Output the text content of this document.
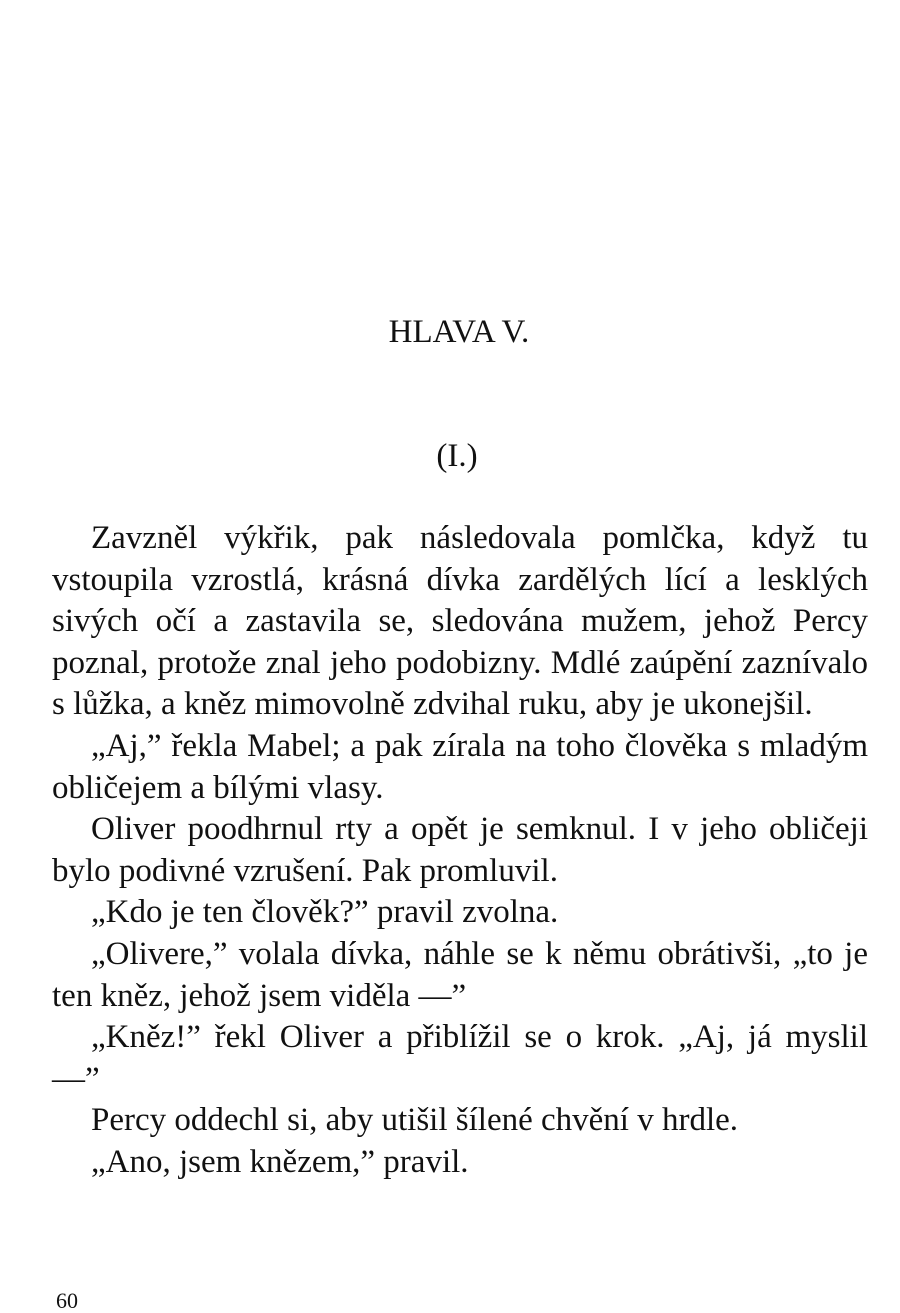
HLAVA V.
(I.)

Zavzněl výkřik, pak následovala pomlčka, když tu vstoupila vzrostlá, krásná dívka zardělých lící a lesklých sivých očí a zastavila se, sledována mužem, jehož Percy poznal, protože znal jeho podobizny. Mdlé zaúpění zaznívalo s lůžka, a kněz mimovolně zdvihal ruku, aby je ukonejšil.

„Aj,” řekla Mabel; a pak zírala na toho člověka s mladým obličejem a bílými vlasy.

Oliver poodhrnul rty a opět je semknul. I v jeho obličeji bylo podivné vzrušení. Pak promluvil.

„Kdo je ten člověk?” pravil zvolna.

„Olivere,” volala dívka, náhle se k němu obrátivši, „to je ten kněz, jehož jsem viděla —”

„Kněz!” řekl Oliver a přiblížil se o krok. „Aj, já myslil —”

Percy oddechl si, aby utišil šílené chvění v hrdle.

„Ano, jsem knězem,” pravil.

60
